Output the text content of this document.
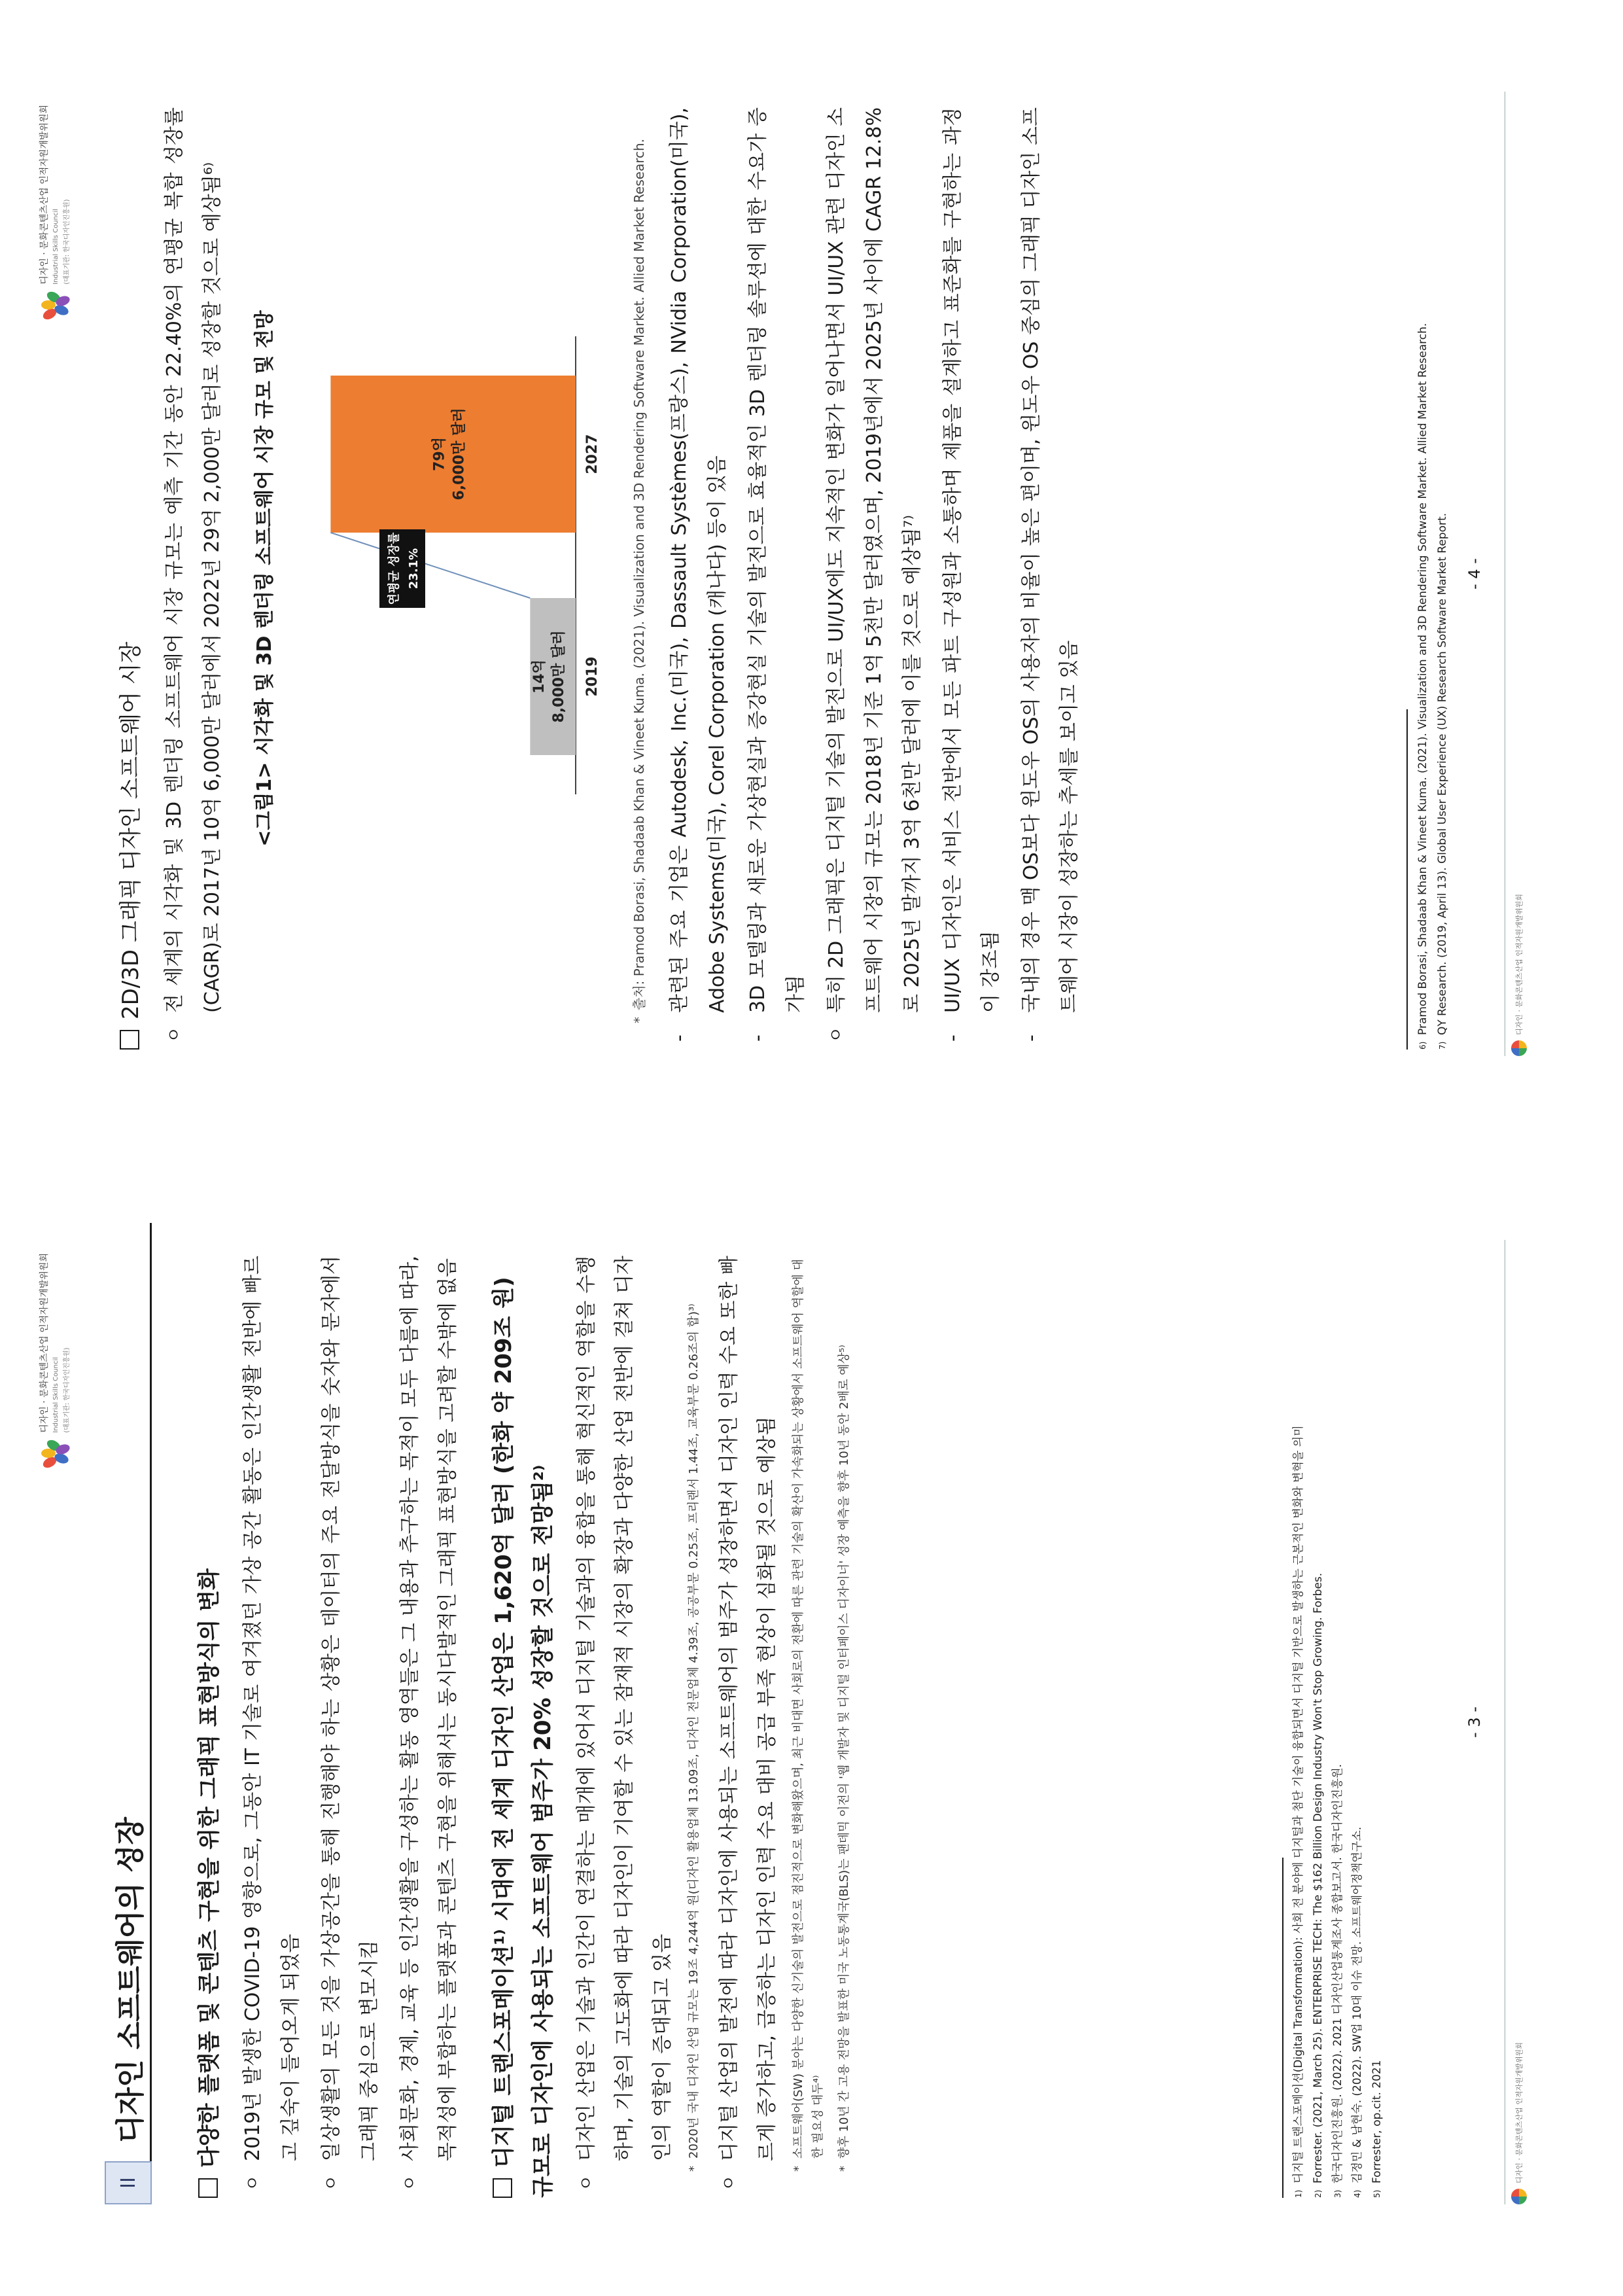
디자인 · 문화콘텐츠산업 인적자원개발위원회 Industrial Skills Council (대표기관: 한국디자인진흥원)
II
디자인 소프트웨어의 성장 다양한 플랫폼 및 콘텐츠 구현을 위한 그래픽 표현방식의 변화 ㅇ 2019년 발생한 COVID-19 영향으로, 그동안 IT 기술로 여겨졌던 가상 공간 활동은 인간생활 전반에 빠르고 깊숙이 들어오게 되었음 ㅇ 일상생활의 모든 것을 가상공간을 통해 진행해야 하는 상황은 데이터의 주요 전달방식을 숫자와 문자에서 그래픽 중심으로 변모시킴 ㅇ 사회문화, 경제, 교육 등 인간생활을 구성하는 활동 영역들은 그 내용과 추구하는 목적이 모두 다름에 따라, 목적성에 부합하는 플랫폼과 콘텐츠 구현을 위해서는 동시다발적인 그래픽 표현방식을 고려할 수밖에 없음	디지털 트랜스포메이션¹⁾ 시대에 전 세계 디자인 산업은 1,620억 달러 (한화 약 209조 원) 규모로 디자인에 사용되는 소프트웨어 범주가 20% 성장할 것으로 전망됨²⁾ ㅇ 디자인 산업은 기술과 인간이 연결하는 매개에 있어서 디지털 기술과의 융합을 통해 혁신적인 역할을 수행하며, 기술의 고도화에 따라 디자인이 기여할 수 있는 잠재적 시장의 확장과 다양한 산업 전반에 걸쳐 디자인의 역할이 증대되고 있음	* 2020년 국내 디자인 산업 규모는 19조 4,244억 원(디자인 활용업체 13.09조, 디자인 전문업체 4.39조, 공공부문 0.25조, 프리랜서 1.44조, 교육부문 0.26조의 합)³⁾ ㅇ 디지털 산업의 발전에 따라 디자인에 사용되는 소프트웨어의 범주가 성장하면서 디자인 인력 수요 또한 빠르게 증가하고, 급증하는 디자인 인력 수요 대비 공급 부족 현상이 심화될 것으로 예상됨	* 소프트웨어(SW) 분야는 다양한 신기술의 발전으로 점진적으로 변화해왔으며, 최근 비대면 사회로의 전환에 따른 관련 기술의 확산이 가속화되는 상황에서 소프트웨어 역할에 대한 필요성 대두⁴⁾ * 향후 10년 간 고용 전망을 발표한 미국 노동통계국(BLS)는 팬데믹 이전의 '웹 개발자 및 디지털 인터페이스 디자이너' 성장 예측을 향후 10년 동안 2배로 예상⁵⁾
1)
디지털 트랜스포메이션(Digital Transformation): 사회 전 분야에 디지털과 첨단 기술이 융합되면서 디지털 기반으로 발생하는 근본적인 변화와 변혁을 의미
2)
Forrester. (2021, March 25). ENTERPRISE TECH: The $162 Billion Design Industry Won't Stop Growing. Forbes.
3)
한국디자인진흥원. (2022). 2021 디자인산업통계조사 종합보고서. 한국디자인진흥원.
4)
김정민 & 남현숙. (2022). SW업 10대 이슈 전망. 소프트웨어정책연구소.
5)
Forrester, op.cit. 2021	디자인 · 문화콘텐츠산업 인적자원개발위원회
- 3 -
디자인 · 문화콘텐츠산업 인적자원개발위원회 Industrial Skills Council (대표기관: 한국디자인진흥원)
2D/3D 그래픽 디자인 소프트웨어 시장 ㅇ 전 세계의 시각화 및 3D 렌더링 소프트웨어 시장 규모는 예측 기간 동안 22.40%의 연평균 복합 성장률(CAGR)로 2017년 10억 6,000만 달러에서 2022년 29억 2,000만 달러로 성장할 것으로 예상됨⁶⁾	<그림1> 시각화 및 3D 렌더링 소프트웨어 시장 규모 및 전망	14억 8,000만 달러 2019
79억 6,000만 달러	2027
연평균 성장률 23.1%	* 출처: Pramod Borasi, Shadaab Khan & Vineet Kuma. (2021). Visualization and 3D Rendering Software Market. Allied Market Research.	- 관련된 주요 기업은 Autodesk, Inc.(미국), Dassault Systèmes(프랑스), NVidia Corporation(미국), Adobe Systems(미국), Corel Corporation (캐나다) 등이 있음 - 3D 모델링과 새로운 가상현실과 증강현실 기술의 발전으로 효율적인 3D 렌더링 솔루션에 대한 수요가 증가됨 ㅇ 특히 2D 그래픽은 디지털 기술의 발전으로 UI/UX에도 지속적인 변화가 일어나면서 UI/UX 관련 디자인 소프트웨어 시장의 규모는 2018년 기준 1억 5천만 달러였으며, 2019년에서 2025년 사이에 CAGR 12.8%로 2025년 말까지 3억 6천만 달러에 이를 것으로 예상됨⁷⁾ - UI/UX 디자인은 서비스 전반에서 모든 파트 구성원과 소통하며 제품을 설계하고 표준화를 구현하는 과정이 강조됨 - 국내의 경우 맥 OS보다 윈도우 OS의 사용자의 비율이 높은 편이며, 윈도우 OS 중심의 그래픽 디자인 소프트웨어 시장이 성장하는 추세를 보이고 있음
6)
Pramod Borasi, Shadaab Khan & Vineet Kuma. (2021). Visualization and 3D Rendering Software Market. Allied Market Research.
7)
QY Research. (2019, April 13). Global User Experience (UX) Research Software Market Report.	디자인 · 문화콘텐츠산업 인적자원개발위원회
- 4 -
